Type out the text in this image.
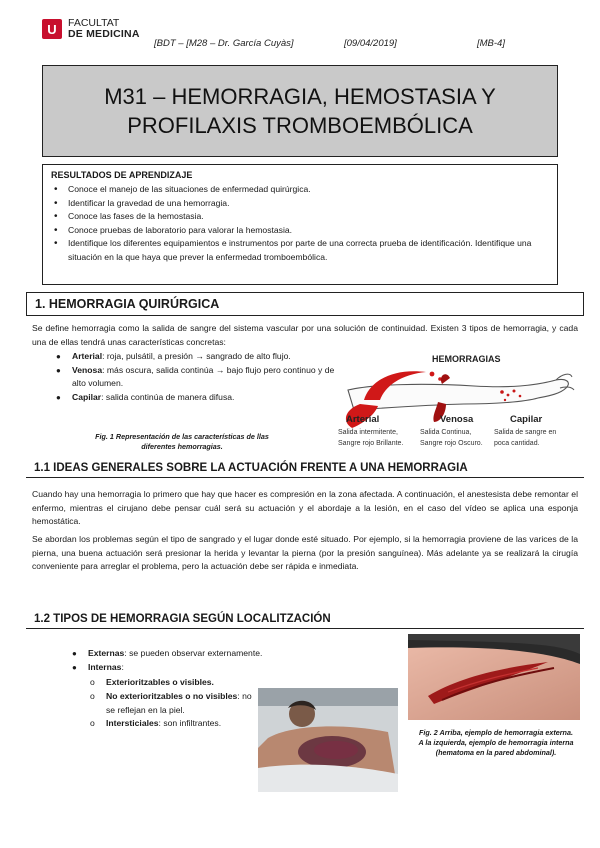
U	FACULTAT
DE MEDICINA
[BDT – [M28 – Dr. García Cuyàs]	[09/04/2019]	[MB-4]
M31 – HEMORRAGIA, HEMOSTASIA Y
PROFILAXIS TROMBOEMBÓLICA
RESULTADOS DE APRENDIZAJE
• Conoce el manejo de las situaciones de enfermedad quirúrgica.
• Identificar la gravedad de una hemorragia.
• Conoce las fases de la hemostasia.
• Conoce pruebas de laboratorio para valorar la hemostasia.
• Identifique los diferentes equipamientos e instrumentos por parte de una correcta prueba de identificación. Identifique una situación en la que haya que prever la enfermedad tromboembólica.
1. HEMORRAGIA QUIRÚRGICA
Se define hemorragia como la salida de sangre del sistema vascular por una solución de continuidad. Existen 3 tipos de hemorragia, y cada una de ellas tendrá unas características concretas:
● Arterial: roja, pulsátil, a presión → sangrado de alto flujo.
● Venosa: más oscura, salida continúa → bajo flujo pero continuo y de alto volumen.
● Capilar: salida continúa de manera difusa.
Fig. 1 Representación de las características de llas diferentes hemorragias.
HEMORRAGIAS
Arterial
Salida intermitente,
Sangre rojo Brillante.
Venosa
Salida Continua,
Sangre rojo Oscuro.
Capilar
Salida de sangre en
poca cantidad.
1.1 IDEAS GENERALES SOBRE LA ACTUACIÓN FRENTE A UNA HEMORRAGIA
Cuando hay una hemorragia lo primero que hay que hacer es compresión en la zona afectada. A continuación, el anestesista debe remontar el enfermo, mientras el cirujano debe pensar cuál será su actuación y el abordaje a la lesión, en el caso del vídeo se aplica una esponja hemostática.
Se abordan los problemas según el tipo de sangrado y el lugar donde esté situado. Por ejemplo, si la hemorragia proviene de las varices de la pierna, una buena actuación será presionar la herida y levantar la pierna (por la presión sanguínea). Más adelante ya se realizará la cirugía conveniente para arreglar el problema, pero la actuación debe ser rápida e inmediata.
1.2 TIPOS DE HEMORRAGIA SEGÚN LOCALITZACIÓN
● Externas: se pueden observar externamente.
● Internas:
o Exterioritzables o visibles.
o No exterioritzables o no visibles: no se reflejan en la piel.
o Intersticiales: son infiltrantes.
Fig. 2 Arriba, ejemplo de hemorragia externa. A la izquierda, ejemplo de hemorragia interna (hematoma en la pared abdominal).
